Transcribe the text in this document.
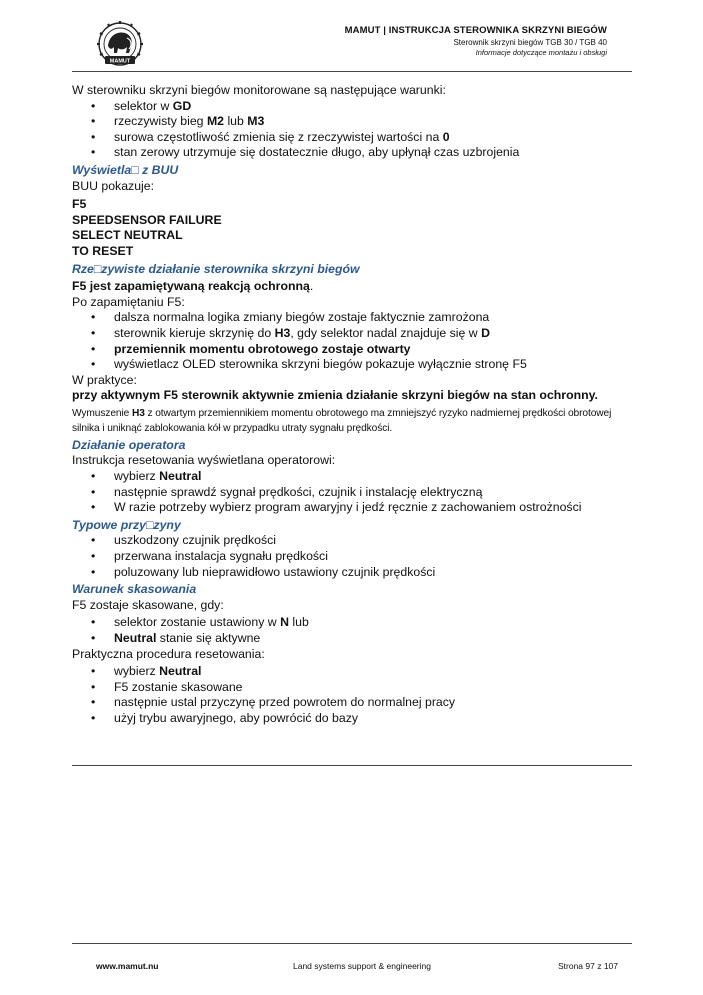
MAMUT
MAMUT | INSTRUKCJA STEROWNIKA SKRZYNI BIEGÓW
Sterownik skrzyni biegów TGB 30 / TGB 40
Informacje dotyczące montażu i obsługi

W sterowniku skrzyni biegów monitorowane są następujące warunki:

• selektor w GD
• rzeczywisty bieg M2 lub M3
• surowa częstotliwość zmienia się z rzeczywistej wartości na 0
• stan zerowy utrzymuje się dostatecznie długo, aby upłynął czas uzbrojenia

Wyświetla□ z BUU

BUU pokazuje:

F5
SPEEDSENSOR FAILURE
SELECT NEUTRAL
TO RESET

Rze□zywiste działanie sterownika skrzyni biegów

F5 jest zapamiętywaną reakcją ochronną.

Po zapamiętaniu F5:

• dalsza normalna logika zmiany biegów zostaje faktycznie zamrożona
• sterownik kieruje skrzynię do H3, gdy selektor nadal znajduje się w D
• przemiennik momentu obrotowego zostaje otwarty
• wyświetlacz OLED sterownika skrzyni biegów pokazuje wyłącznie stronę F5

W praktyce:

przy aktywnym F5 sterownik aktywnie zmienia działanie skrzyni biegów na stan ochronny.

Wymuszenie H3 z otwartym przemiennikiem momentu obrotowego ma zmniejszyć ryzyko nadmiernej prędkości obrotowej silnika i uniknąć zablokowania kół w przypadku utraty sygnału prędkości.

Działanie operatora

Instrukcja resetowania wyświetlana operatorowi:

• wybierz Neutral
• następnie sprawdź sygnał prędkości, czujnik i instalację elektryczną
• W razie potrzeby wybierz program awaryjny i jedź ręcznie z zachowaniem ostrożności

Typowe przy□zyny

• uszkodzony czujnik prędkości
• przerwana instalacja sygnału prędkości
• poluzowany lub nieprawidłowo ustawiony czujnik prędkości

Warunek skasowania

F5 zostaje skasowane, gdy:

• selektor zostanie ustawiony w N lub
• Neutral stanie się aktywne

Praktyczna procedura resetowania:

• wybierz Neutral
• F5 zostanie skasowane
• następnie ustal przyczynę przed powrotem do normalnej pracy
• użyj trybu awaryjnego, aby powrócić do bazy
www.mamut.nu	Land systems support & engineering	Strona 97 z 107
